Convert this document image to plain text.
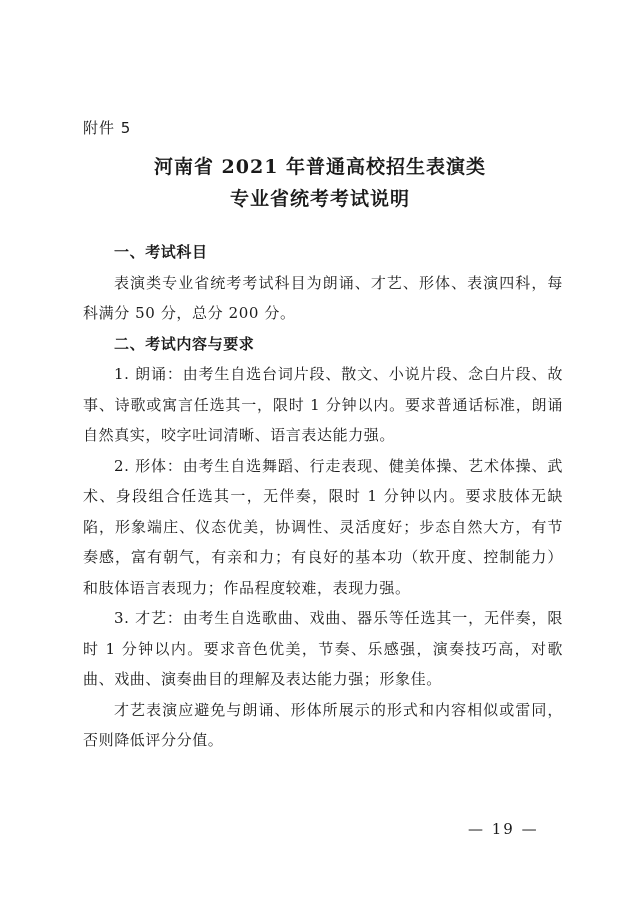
附件 5
河南省 2021 年普通高校招生表演类
专业省统考考试说明

一、考试科目

表演类专业省统考考试科目为朗诵、才艺、形体、表演四科，每科满分 50 分，总分 200 分。

二、考试内容与要求

1. 朗诵：由考生自选台词片段、散文、小说片段、念白片段、故事、诗歌或寓言任选其一，限时 1 分钟以内。要求普通话标准，朗诵自然真实，咬字吐词清晰、语言表达能力强。

2. 形体：由考生自选舞蹈、行走表现、健美体操、艺术体操、武术、身段组合任选其一，无伴奏，限时 1 分钟以内。要求肢体无缺陷，形象端庄、仪态优美，协调性、灵活度好；步态自然大方，有节奏感，富有朝气，有亲和力；有良好的基本功（软开度、控制能力）和肢体语言表现力；作品程度较难，表现力强。

3. 才艺：由考生自选歌曲、戏曲、器乐等任选其一，无伴奏，限时 1 分钟以内。要求音色优美，节奏、乐感强，演奏技巧高，对歌曲、戏曲、演奏曲目的理解及表达能力强；形象佳。

才艺表演应避免与朗诵、形体所展示的形式和内容相似或雷同，否则降低评分分值。

— 19 —
